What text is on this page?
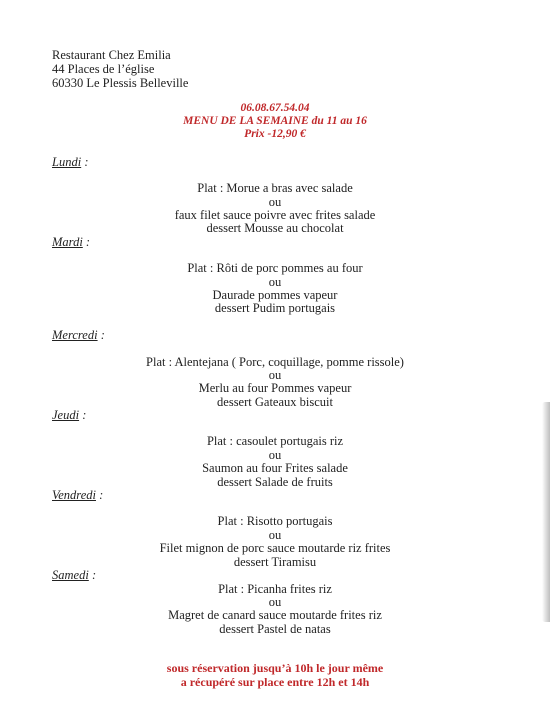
Restaurant Chez Emilia
44 Places de l’église
60330 Le Plessis Belleville
06.08.67.54.04
MENU DE LA SEMAINE du 11 au 16
Prix -12,90 €
Lundi :
Plat : Morue a bras avec salade
ou
faux filet sauce poivre avec frites salade
dessert Mousse au chocolat
Mardi :
Plat : Rôti de porc pommes au four
ou
Daurade pommes vapeur
dessert Pudim portugais
Mercredi :
Plat : Alentejana ( Porc, coquillage, pomme rissole)
ou
Merlu au four Pommes vapeur
dessert Gateaux biscuit
Jeudi :
Plat : casoulet portugais riz
ou
Saumon au four Frites salade
dessert Salade de fruits
Vendredi :
Plat : Risotto portugais
ou
Filet mignon de porc sauce moutarde riz frites
dessert Tiramisu
Samedi :
Plat : Picanha frites riz
ou
Magret de canard sauce moutarde frites riz
dessert Pastel de natas
sous réservation jusqu’à 10h le jour même
a récupéré sur place entre 12h et 14h
